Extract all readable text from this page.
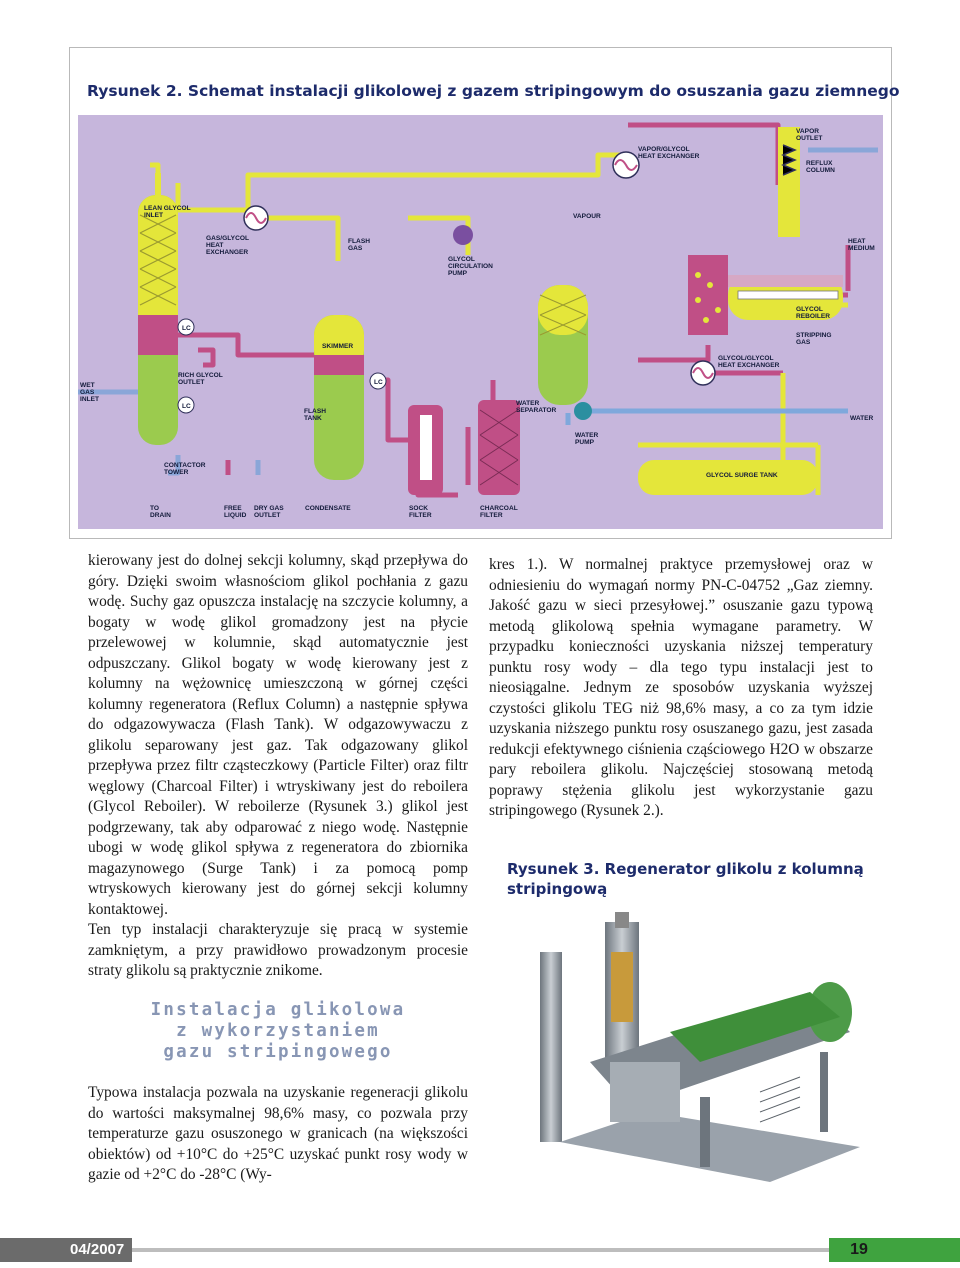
Rysunek 2. Schemat instalacji glikolowej z gazem stripingowym do osuszania gazu ziemnego
LEAN GLYCOL
INLET
GAS/GLYCOL
HEAT
EXCHANGER
FLASH
GAS
GLYCOL
CIRCULATION
PUMP
VAPOR/GLYCOL
HEAT EXCHANGER
VAPOR
OUTLET
REFLUX
COLUMN
VAPOUR
HEAT
MEDIUM
GLYCOL
REBOILER
STRIPPING
GAS
GLYCOL/GLYCOL
HEAT EXCHANGER
SKIMMER
RICH GLYCOL
OUTLET
WET
GAS
INLET
LC
LC
LC
FLASH
TANK
WATER
SEPARATOR
WATER
PUMP
WATER
CONTACTOR
TOWER	GLYCOL SURGE TANK
TO
DRAIN
FREE
LIQUID
DRY GAS
OUTLET
CONDENSATE	SOCK
FILTER
CHARCOAL
FILTER

kierowany jest do dolnej sekcji kolumny, skąd przepływa do góry. Dzięki swoim własnościom glikol pochłania z gazu wodę. Suchy gaz opuszcza instalację na szczycie kolumny, a bogaty w wodę glikol gromadzony jest na płycie przelewowej w kolumnie, skąd automatycznie jest odpuszczany. Glikol bogaty w wodę kierowany jest z kolumny na wężownicę umieszczoną w górnej części kolumny regeneratora (Reflux Column) a następnie spływa do odgazowywacza (Flash Tank). W odgazowywaczu z glikolu separowany jest gaz. Tak odgazowany glikol przepływa przez filtr cząsteczkowy (Particle Filter) oraz filtr węglowy (Charcoal Filter) i wtryskiwany jest do reboilera (Glycol Reboiler). W reboilerze (Rysunek 3.) glikol jest podgrzewany, tak aby odparować z niego wodę. Następnie ubogi w wodę glikol spływa z regeneratora do zbiornika magazynowego (Surge Tank) i za pomocą pomp wtryskowych kierowany jest do górnej sekcji kolumny kontaktowej.

Ten typ instalacji charakteryzuje się pracą w systemie zamkniętym, a przy prawidłowo prowadzonym procesie straty glikolu są praktycznie znikome.

Instalacja glikolowa
z wykorzystaniem
gazu stripingowego

Typowa instalacja pozwala na uzyskanie regeneracji glikolu do wartości maksymalnej 98,6% masy, co pozwala przy temperaturze gazu osuszonego w granicach (na większości obiektów) od +10°C do +25°C uzyskać punkt rosy wody w gazie od +2°C do -28°C (Wy-

kres 1.). W normalnej praktyce przemysłowej oraz w odniesieniu do wymagań normy PN-C-04752 „Gaz ziemny. Jakość gazu w sieci przesyłowej.” osuszanie gazu typową metodą glikolową spełnia wymagane parametry. W przypadku konieczności uzyskania niższej temperatury punktu rosy wody – dla tego typu instalacji jest to nieosiągalne. Jednym ze sposobów uzyskania wyższej czystości glikolu TEG niż 98,6% masy, a co za tym idzie uzyskania niższego punktu rosy osuszanego gazu, jest zasada redukcji efektywnego ciśnienia cząściowego H2O w obszarze pary reboilera glikolu. Najczęściej stosowaną metodą poprawy stężenia glikolu jest wykorzystanie gazu stripingowego (Rysunek 2.).

Rysunek 3. Regenerator glikolu z kolumną stripingową
04/2007	19
